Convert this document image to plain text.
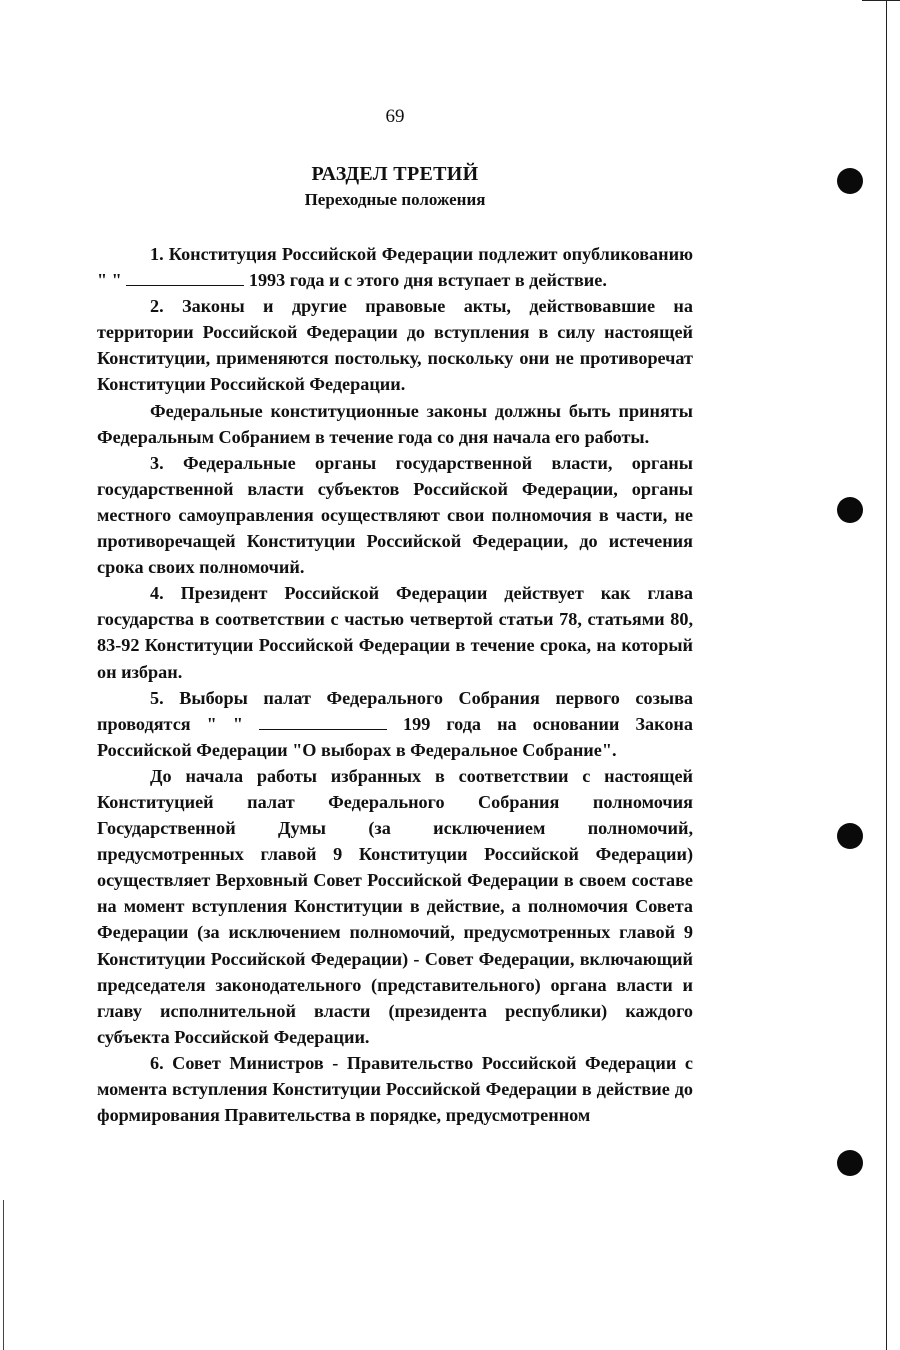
69
РАЗДЕЛ ТРЕТИЙ
Переходные положения

1. Конституция Российской Федерации подлежит опубликованию " "	1993 года и с этого дня вступает в действие.

2. Законы и другие правовые акты, действовавшие на территории Российской Федерации до вступления в силу настоящей Конституции, применяются постольку, поскольку они не противоречат Конституции Российской Федерации.

Федеральные конституционные законы должны быть приняты Федеральным Собранием в течение года со дня начала его работы.

3. Федеральные органы государственной власти, органы государственной власти субъектов Российской Федерации, органы местного самоуправления осуществляют свои полномочия в части, не противоречащей Конституции Российской Федерации, до истечения срока своих полномочий.

4. Президент Российской Федерации действует как глава государства в соответствии с частью четвертой статьи 78, статьями 80, 83-92 Конституции Российской Федерации в течение срока, на который он избран.

5. Выборы палат Федерального Собрания первого созыва проводятся " "	199 года на основании Закона Российской Федерации "О выборах в Федеральное Собрание".

До начала работы избранных в соответствии с настоящей Конституцией палат Федерального Собрания полномочия Государственной Думы (за исключением полномочий, предусмотренных главой 9 Конституции Российской Федерации) осуществляет Верховный Совет Российской Федерации в своем составе на момент вступления Конституции в действие, а полномочия Совета Федерации (за исключением полномочий, предусмотренных главой 9 Конституции Российской Федерации) - Совет Федерации, включающий председателя законодательного (представительного) органа власти и главу исполнительной власти (президента республики) каждого субъекта Российской Федерации.

6. Совет Министров - Правительство Российской Федерации с момента вступления Конституции Российской Федерации в действие до формирования Правительства в порядке, предусмотренном
